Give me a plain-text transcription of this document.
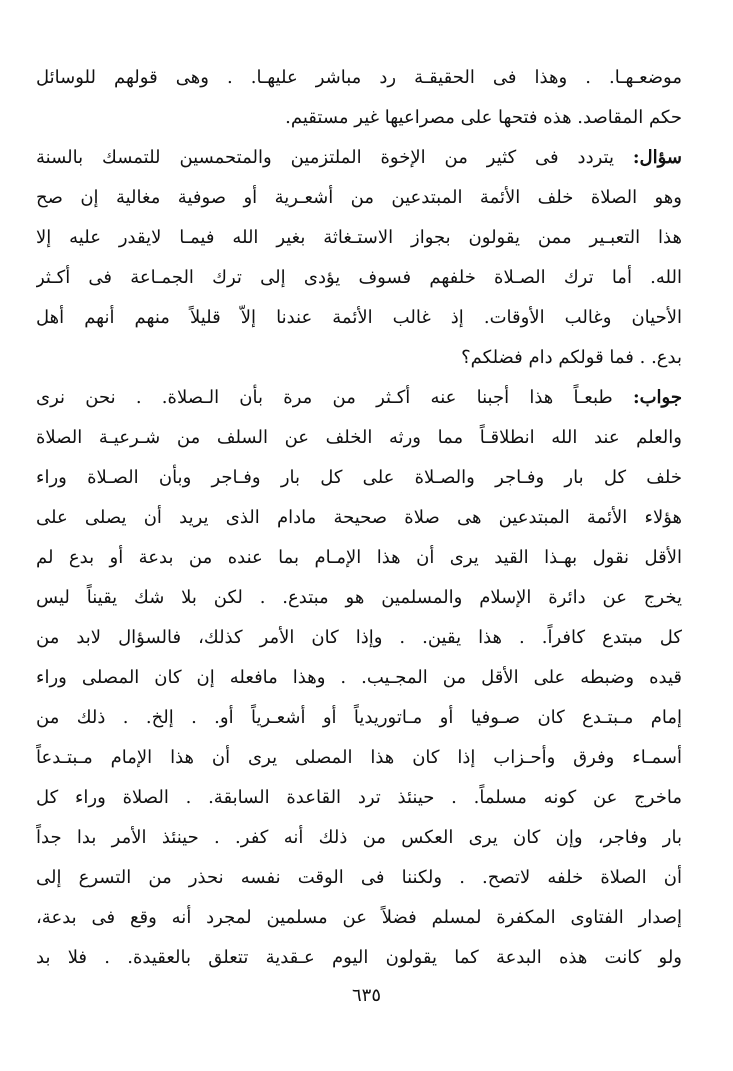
موضعـهـا. . وهذا فى الحقيقـة رد مباشر عليهـا. . وهى قولهم للوسائل
حكم المقاصد. هذه فتحها على مصراعيها غير مستقيم.
سؤال: يتردد فى كثير من الإخوة الملتزمين والمتحمسين للتمسك بالسنة
وهو الصلاة خلف الأئمة المبتدعين من أشعـرية أو صوفية مغالية إن صح
هذا التعبـير ممن يقولون بجواز الاستـغاثة بغير الله فيمـا لايقدر عليه إلا
الله. أما ترك الصـلاة خلفهم فسوف يؤدى إلى ترك الجمـاعة فى أكـثر
الأحيان وغالب الأوقات. إذ غالب الأئمة عندنا إلاّ قليلاً منهم أنهم أهل
بدع. . فما قولكم دام فضلكم؟
جواب: طبعـاً هذا أجبنا عنه أكـثر من مرة بأن الـصلاة. . نحن نرى
والعلم عند الله انطلاقـاً مما ورثه الخلف عن السلف من شـرعيـة الصلاة
خلف كل بار وفـاجر والصـلاة على كل بار وفـاجر وبأن الصـلاة وراء
هؤلاء الأئمة المبتدعين هى صلاة صحيحة مادام الذى يريد أن يصلى على
الأقل نقول بهـذا القيد يرى أن هذا الإمـام بما عنده من بدعة أو بدع لم
يخرج عن دائرة الإسلام والمسلمين هو مبتدع. . لكن بلا شك يقيناً ليس
كل مبتدع كافراً. . هذا يقين. . وإذا كان الأمر كذلك، فالسؤال لابد من
قيده وضبطه على الأقل من المجـيب. . وهذا مافعله إن كان المصلى وراء
إمام مـبتـدع كان صـوفيا أو مـاتوريدياً أو أشعـرياً أو. . إلخ. . ذلك من
أسمـاء وفرق وأحـزاب إذا كان هذا المصلى يرى أن هذا الإمام مـبتـدعاً
ماخرج عن كونه مسلماً. . حينئذ ترد القاعدة السابقة. . الصلاة وراء كل
بار وفاجر، وإن كان يرى العكس من ذلك أنه كفر. . حينئذ الأمر بدا جداً
أن الصلاة خلفه لاتصح. . ولكننا فى الوقت نفسه نحذر من التسرع إلى
إصدار الفتاوى المكفرة لمسلم فضلاً عن مسلمين لمجرد أنه وقع فى بدعة،
ولو كانت هذه البدعة كما يقولون اليوم عـقدية تتعلق بالعقيدة. . فلا بد
٦٣٥
